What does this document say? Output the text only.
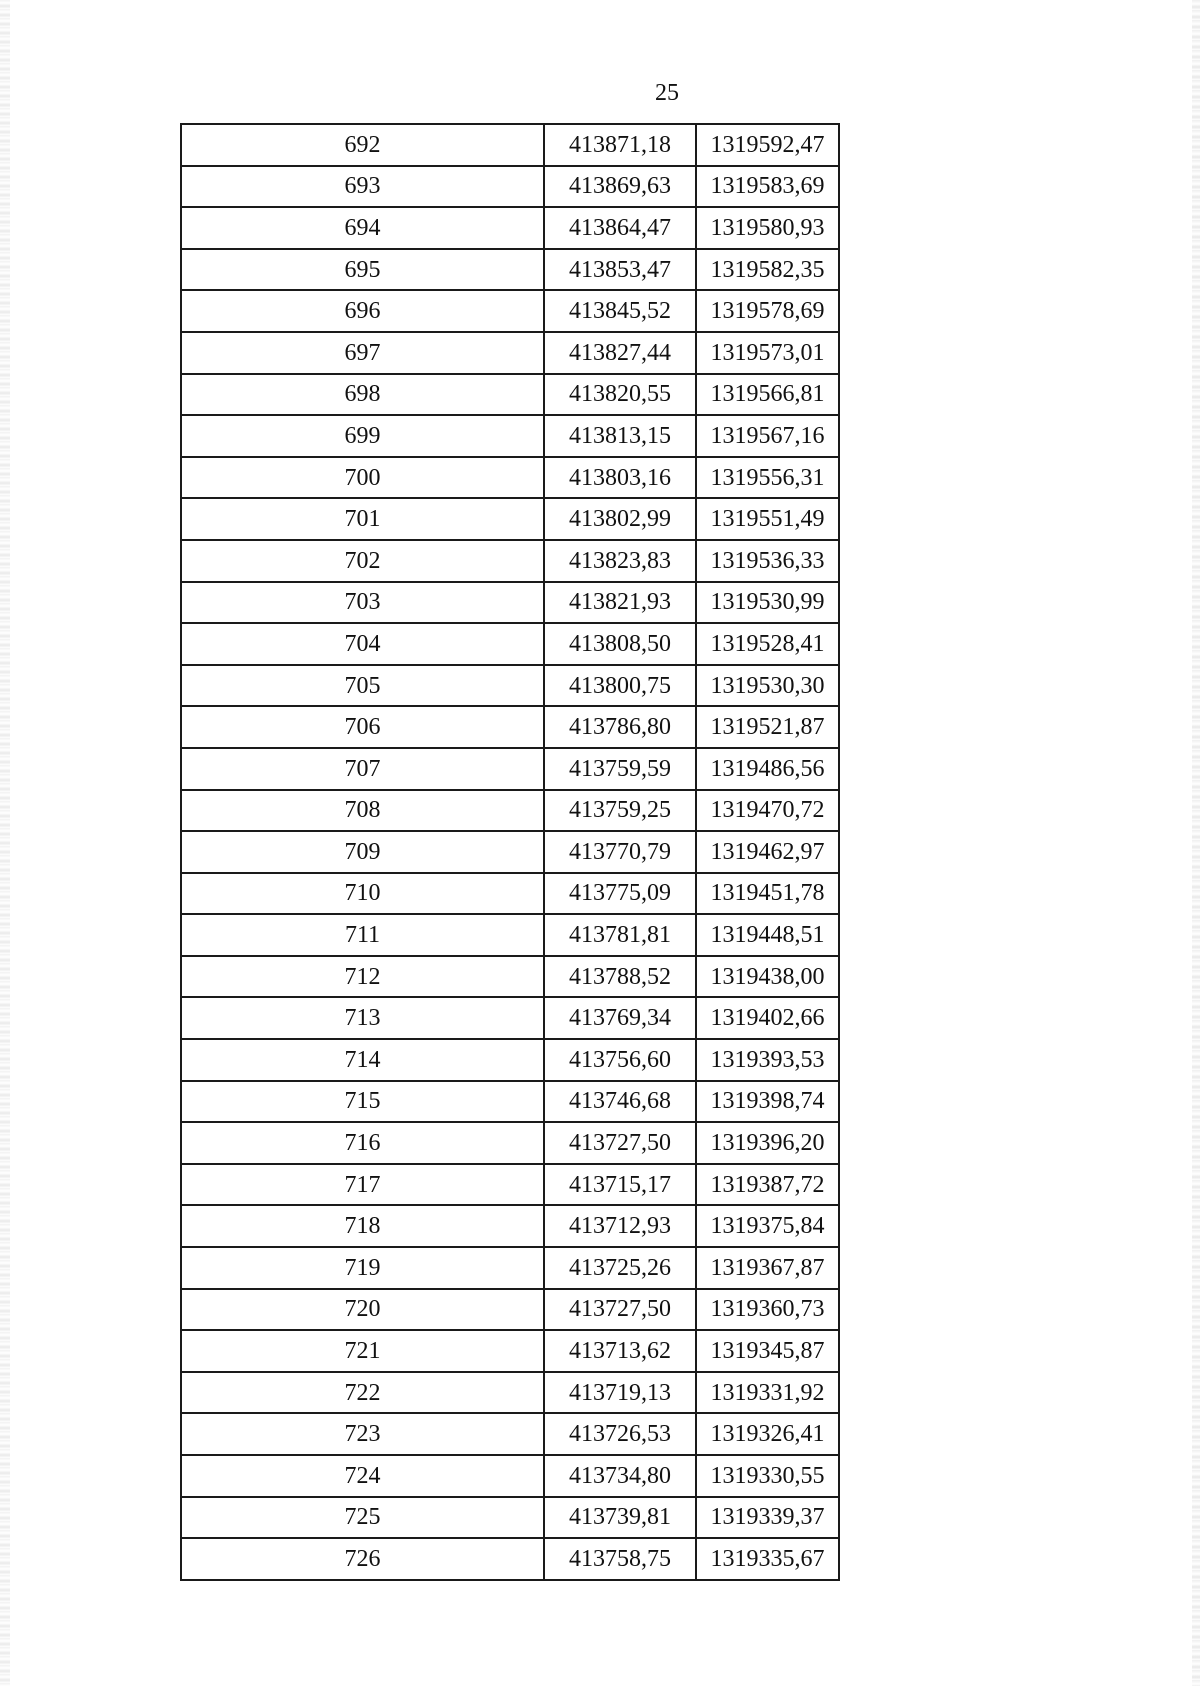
25
692	413871,18	1319592,47
693	413869,63	1319583,69
694	413864,47	1319580,93
695	413853,47	1319582,35
696	413845,52	1319578,69
697	413827,44	1319573,01
698	413820,55	1319566,81
699	413813,15	1319567,16
700	413803,16	1319556,31
701	413802,99	1319551,49
702	413823,83	1319536,33
703	413821,93	1319530,99
704	413808,50	1319528,41
705	413800,75	1319530,30
706	413786,80	1319521,87
707	413759,59	1319486,56
708	413759,25	1319470,72
709	413770,79	1319462,97
710	413775,09	1319451,78
711	413781,81	1319448,51
712	413788,52	1319438,00
713	413769,34	1319402,66
714	413756,60	1319393,53
715	413746,68	1319398,74
716	413727,50	1319396,20
717	413715,17	1319387,72
718	413712,93	1319375,84
719	413725,26	1319367,87
720	413727,50	1319360,73
721	413713,62	1319345,87
722	413719,13	1319331,92
723	413726,53	1319326,41
724	413734,80	1319330,55
725	413739,81	1319339,37
726	413758,75	1319335,67
